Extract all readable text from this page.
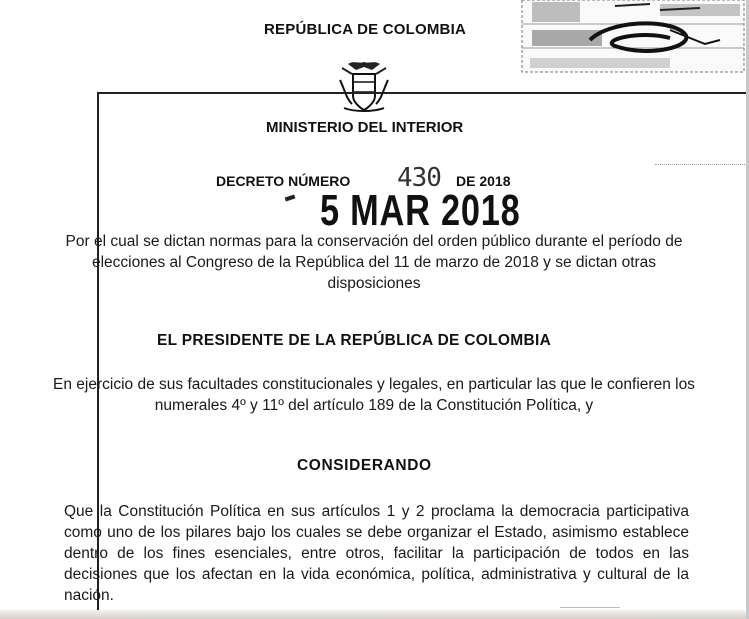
REPÚBLICA DE COLOMBIA
MINISTERIO DEL INTERIOR
DECRETO NÚMERO 430 DE 2018
5 MAR 2018
Por el cual se dictan normas para la conservación del orden público durante el período de elecciones al Congreso de la República del 11 de marzo de 2018 y se dictan otras disposiciones
EL PRESIDENTE DE LA REPÚBLICA DE COLOMBIA
En ejercicio de sus facultades constitucionales y legales, en particular las que le confieren los numerales 4º y 11º del artículo 189 de la Constitución Política, y
CONSIDERANDO
Que la Constitución Política en sus artículos 1 y 2 proclama la democracia participativa como uno de los pilares bajo los cuales se debe organizar el Estado, asimismo establece dentro de los fines esenciales, entre otros, facilitar la participación de todos en las decisiones que los afectan en la vida económica, política, administrativa y cultural de la nación.
